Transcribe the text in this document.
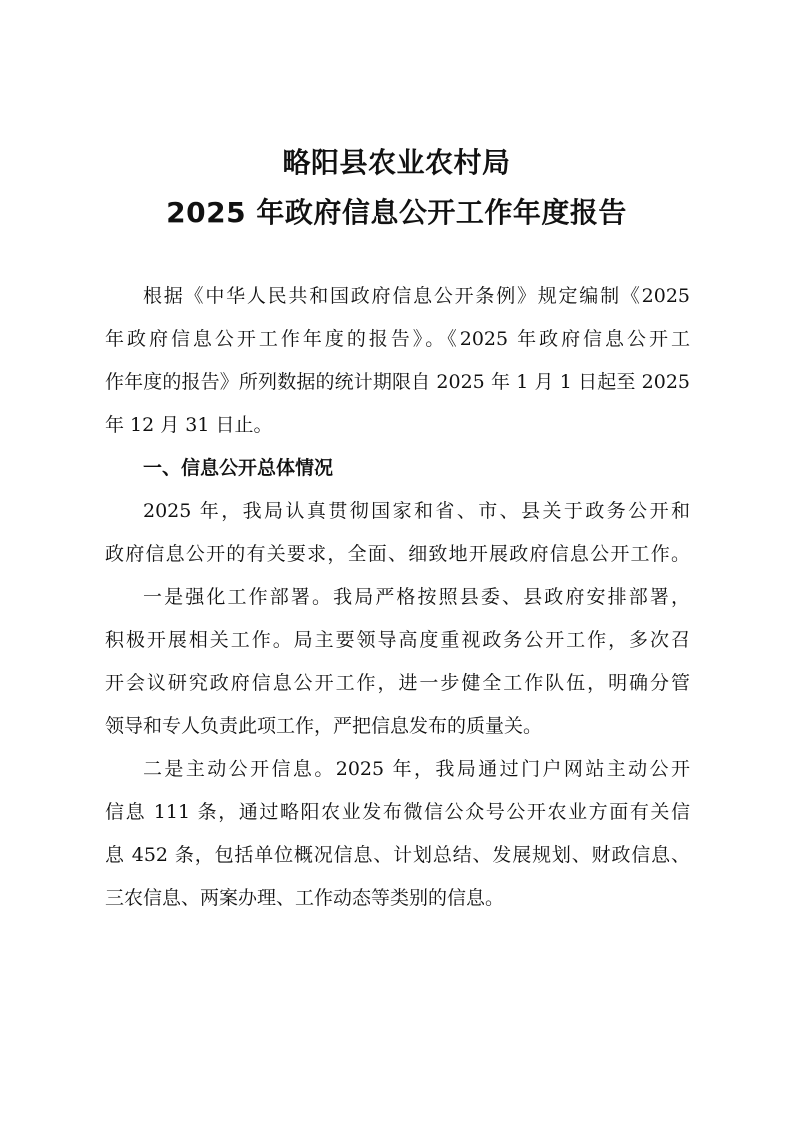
略阳县农业农村局
2025 年政府信息公开工作年度报告
根据《中华人民共和国政府信息公开条例》规定编制《2025
年政府信息公开工作年度的报告》。《2025 年政府信息公开工
作年度的报告》所列数据的统计期限自 2025 年 1 月 1 日起至 2025
年 12 月 31 日止。
一、信息公开总体情况
2025 年，我局认真贯彻国家和省、市、县关于政务公开和
政府信息公开的有关要求，全面、细致地开展政府信息公开工作。
一是强化工作部署。我局严格按照县委、县政府安排部署，
积极开展相关工作。局主要领导高度重视政务公开工作，多次召
开会议研究政府信息公开工作，进一步健全工作队伍，明确分管
领导和专人负责此项工作，严把信息发布的质量关。
二是主动公开信息。2025 年，我局通过门户网站主动公开
信息 111 条，通过略阳农业发布微信公众号公开农业方面有关信
息 452 条，包括单位概况信息、计划总结、发展规划、财政信息、
三农信息、两案办理、工作动态等类别的信息。
